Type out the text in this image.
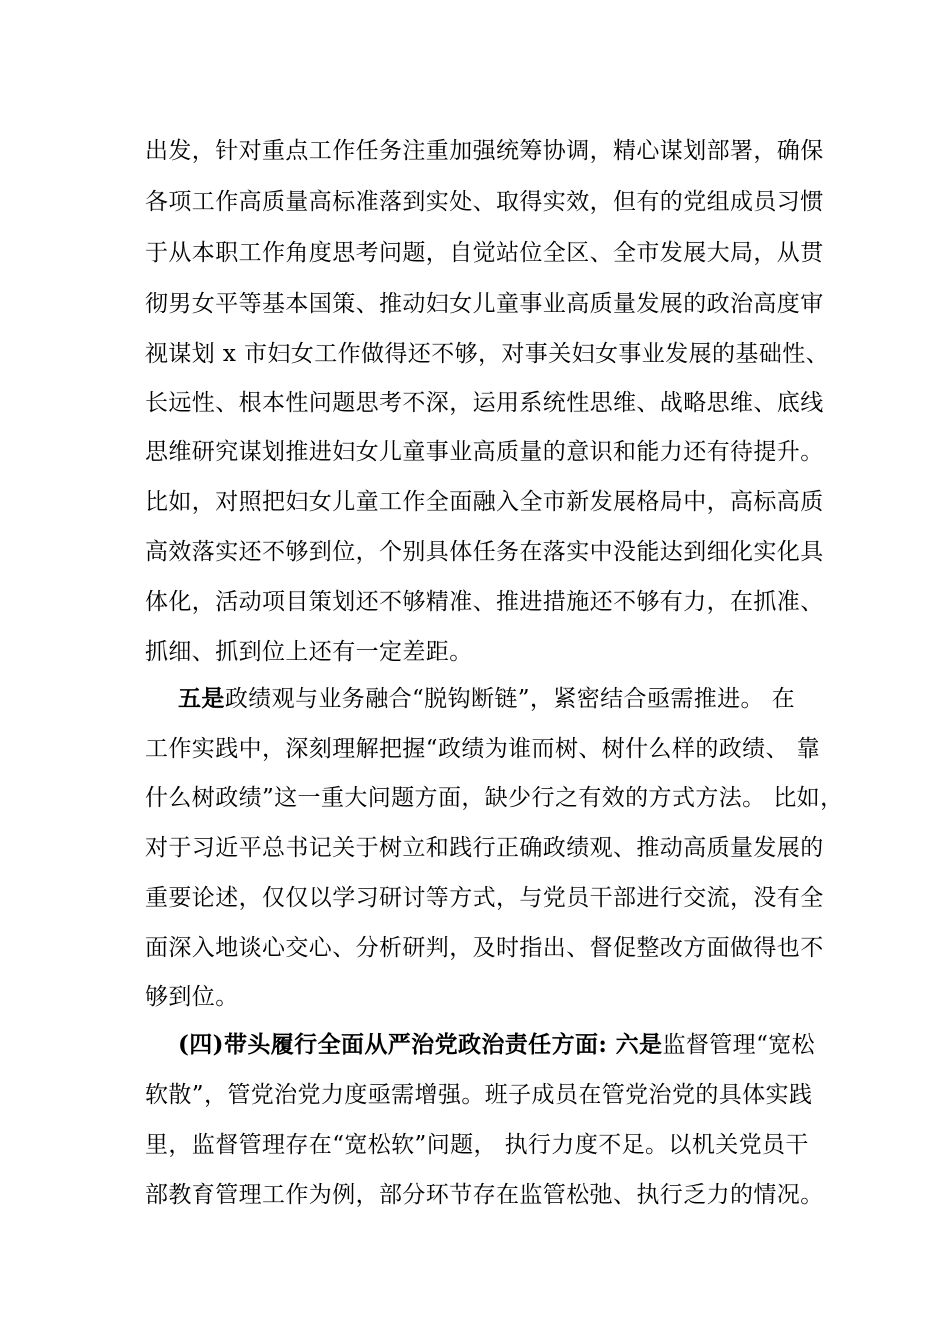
出发，针对重点工作任务注重加强统筹协调，精心谋划部署，确保
各项工作高质量高标准落到实处、取得实效，但有的党组成员习惯
于从本职工作角度思考问题，自觉站位全区、全市发展大局，从贯
彻男女平等基本国策、推动妇女儿童事业高质量发展的政治高度审
视谋划 x 市妇女工作做得还不够，对事关妇女事业发展的基础性、
长远性、根本性问题思考不深，运用系统性思维、战略思维、底线
思维研究谋划推进妇女儿童事业高质量的意识和能力还有待提升。
比如，对照把妇女儿童工作全面融入全市新发展格局中，高标高质
高效落实还不够到位，个别具体任务在落实中没能达到细化实化具
体化，活动项目策划还不够精准、推进措施还不够有力，在抓准、
抓细、抓到位上还有一定差距。
五是政绩观与业务融合“脱钩断链”，紧密结合亟需推进。 在
工作实践中，深刻理解把握“政绩为谁而树、树什么样的政绩、 靠
什么树政绩”这一重大问题方面，缺少行之有效的方式方法。 比如，
对于习近平总书记关于树立和践行正确政绩观、推动高质量发展的
重要论述，仅仅以学习研讨等方式，与党员干部进行交流，没有全
面深入地谈心交心、分析研判，及时指出、督促整改方面做得也不
够到位。
(四)带头履行全面从严治党政治责任方面: 六是监督管理“宽松
软散”，管党治党力度亟需增强。班子成员在管党治党的具体实践
里，监督管理存在“宽松软”问题， 执行力度不足。以机关党员干
部教育管理工作为例，部分环节存在监管松弛、执行乏力的情况。
